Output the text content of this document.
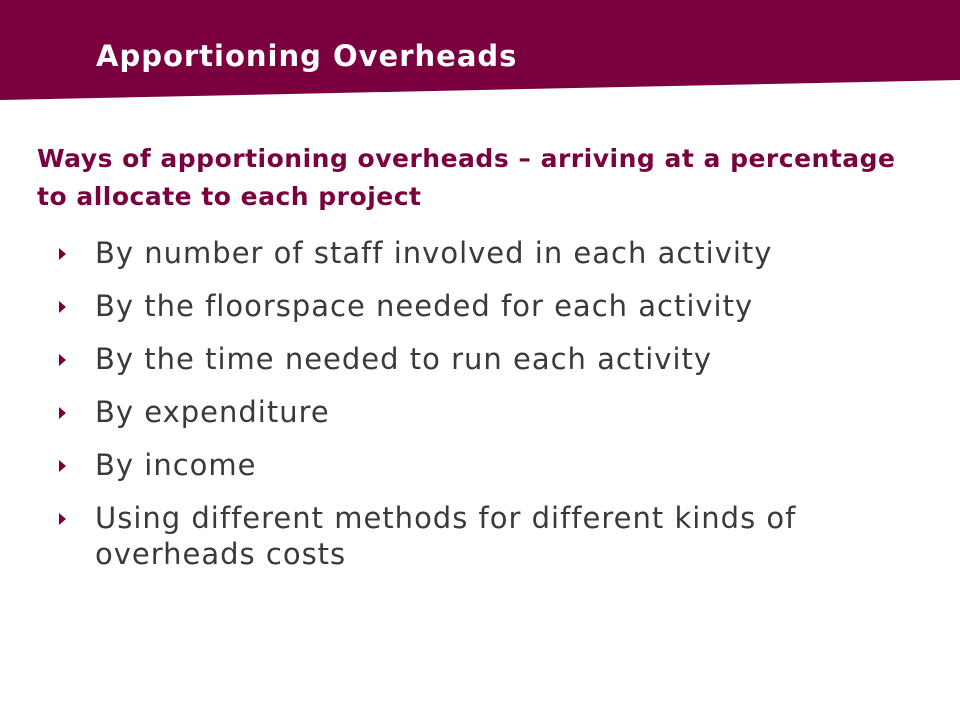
Apportioning Overheads

Ways of apportioning overheads – arriving at a percentage to allocate to each project

By number of staff involved in each activity
By the floorspace needed for each activity
By the time needed to run each activity
By expenditure
By income
Using different methods for different kinds of overheads costs
